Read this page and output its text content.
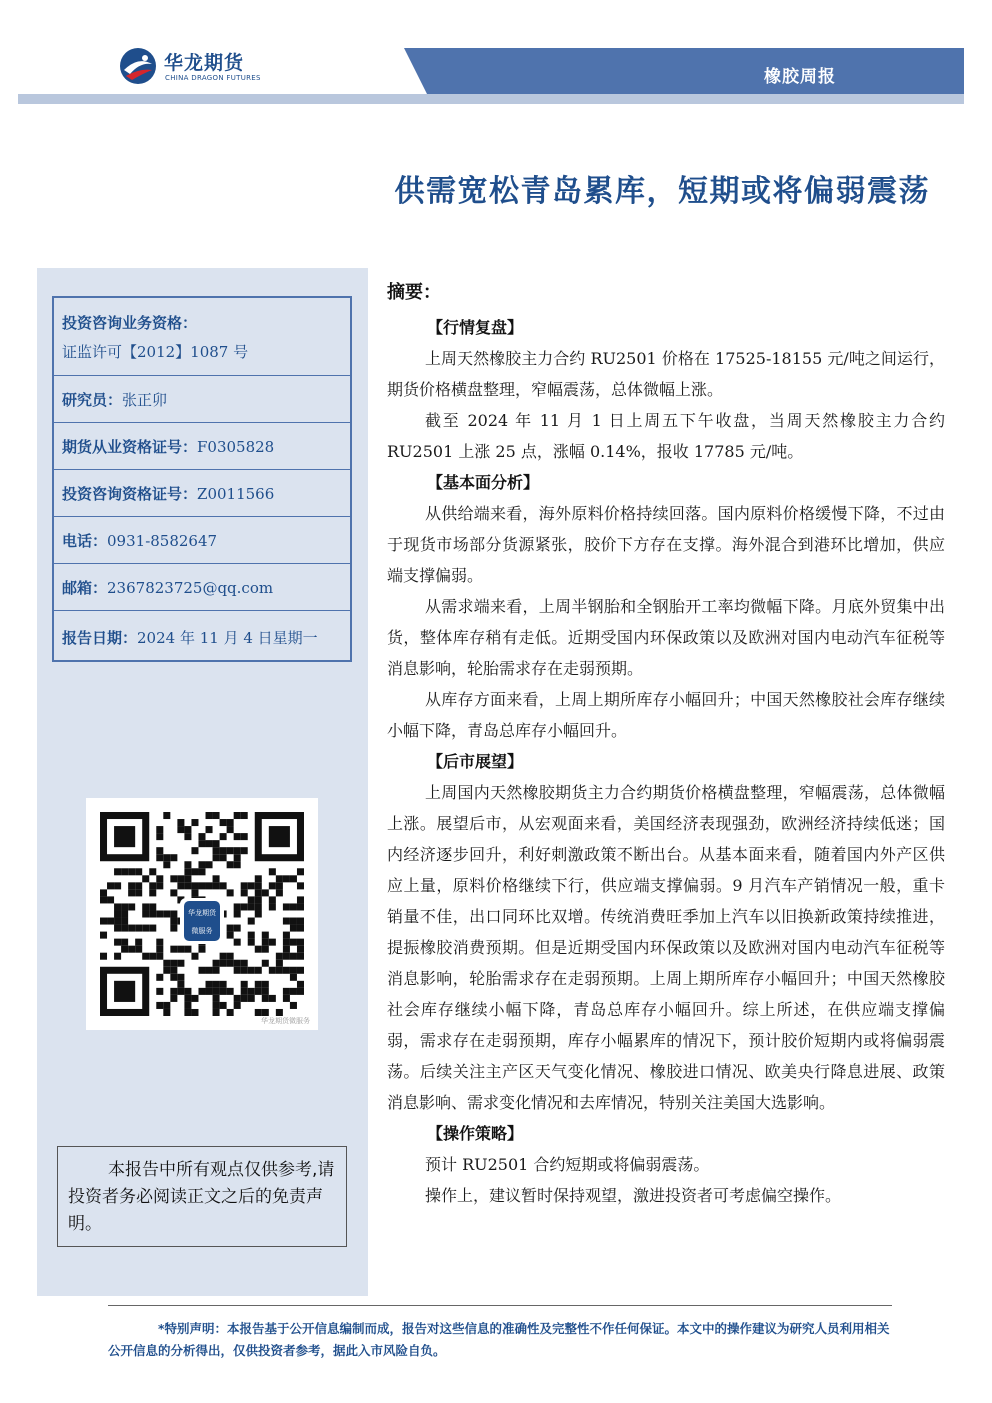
华龙期货
CHINA DRAGON FUTURES	橡胶周报
供需宽松青岛累库，短期或将偏弱震荡
投资咨询业务资格：
证监许可【2012】1087 号
研究员：张正卯
期货从业资格证号：F0305828
投资咨询资格证号：Z0011566
电话：0931-8582647
邮箱：2367823725@qq.com
报告日期：2024 年 11 月 4 日星期一
华龙期货
微服务
华龙期货微服务
本报告中所有观点仅供参考,请投资者务必阅读正文之后的免责声明。
摘要：
【行情复盘】

上周天然橡胶主力合约 RU2501 价格在 17525-18155 元/吨之间运行，期货价格横盘整理，窄幅震荡，总体微幅上涨。

截至 2024 年 11 月 1 日上周五下午收盘，当周天然橡胶主力合约 RU2501 上涨 25 点，涨幅 0.14%，报收 17785 元/吨。

【基本面分析】

从供给端来看，海外原料价格持续回落。国内原料价格缓慢下降，不过由于现货市场部分货源紧张，胶价下方存在支撑。海外混合到港环比增加，供应端支撑偏弱。

从需求端来看，上周半钢胎和全钢胎开工率均微幅下降。月底外贸集中出货，整体库存稍有走低。近期受国内环保政策以及欧洲对国内电动汽车征税等消息影响，轮胎需求存在走弱预期。

从库存方面来看，上周上期所库存小幅回升；中国天然橡胶社会库存继续小幅下降，青岛总库存小幅回升。

【后市展望】

上周国内天然橡胶期货主力合约期货价格横盘整理，窄幅震荡，总体微幅上涨。展望后市，从宏观面来看，美国经济表现强劲，欧洲经济持续低迷；国内经济逐步回升，利好刺激政策不断出台。从基本面来看，随着国内外产区供应上量，原料价格继续下行，供应端支撑偏弱。9 月汽车产销情况一般，重卡销量不佳，出口同环比双增。传统消费旺季加上汽车以旧换新政策持续推进，提振橡胶消费预期。但是近期受国内环保政策以及欧洲对国内电动汽车征税等消息影响，轮胎需求存在走弱预期。上周上期所库存小幅回升；中国天然橡胶社会库存继续小幅下降，青岛总库存小幅回升。综上所述，在供应端支撑偏弱，需求存在走弱预期，库存小幅累库的情况下，预计胶价短期内或将偏弱震荡。后续关注主产区天气变化情况、橡胶进口情况、欧美央行降息进展、政策消息影响、需求变化情况和去库情况，特别关注美国大选影响。

【操作策略】

预计 RU2501 合约短期或将偏弱震荡。

操作上，建议暂时保持观望，激进投资者可考虑偏空操作。

*特别声明：本报告基于公开信息编制而成，报告对这些信息的准确性及完整性不作任何保证。本文中的操作建议为研究人员利用相关公开信息的分析得出，仅供投资者参考，据此入市风险自负。
